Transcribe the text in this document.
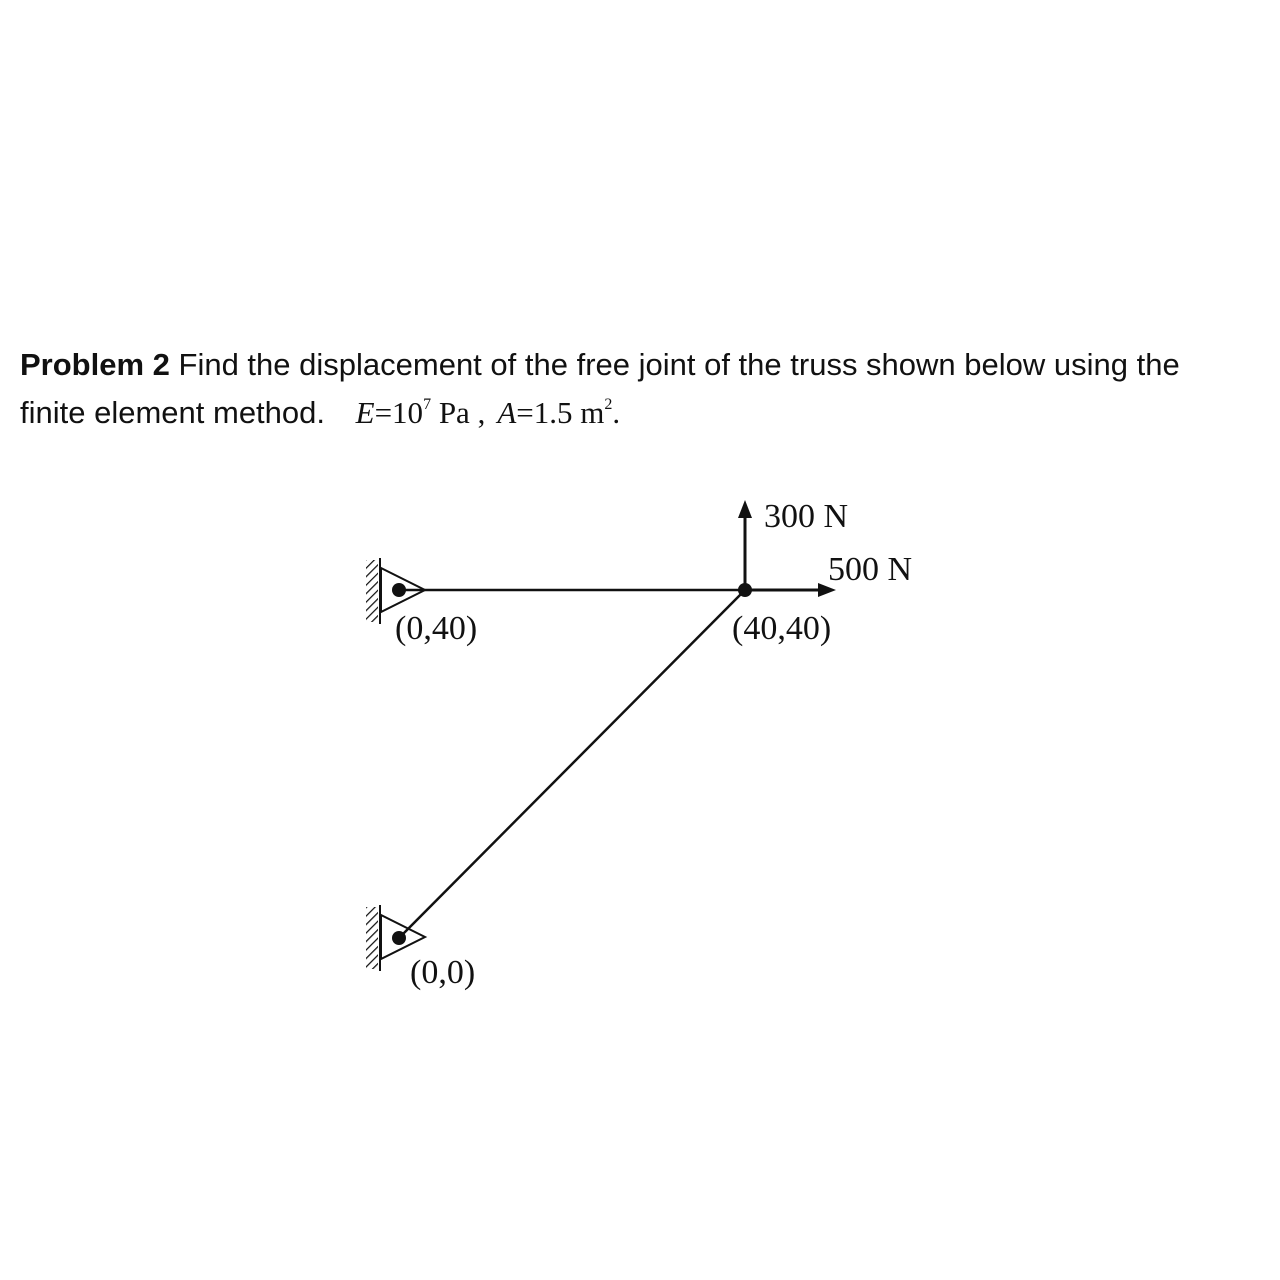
Problem 2 Find the displacement of the free joint of the truss shown below using the
finite element method. $E=10^7$ Pa , A=1.5 $m^2$.
300 N
500 N
(0,40)	(40,40)
(0,0)
